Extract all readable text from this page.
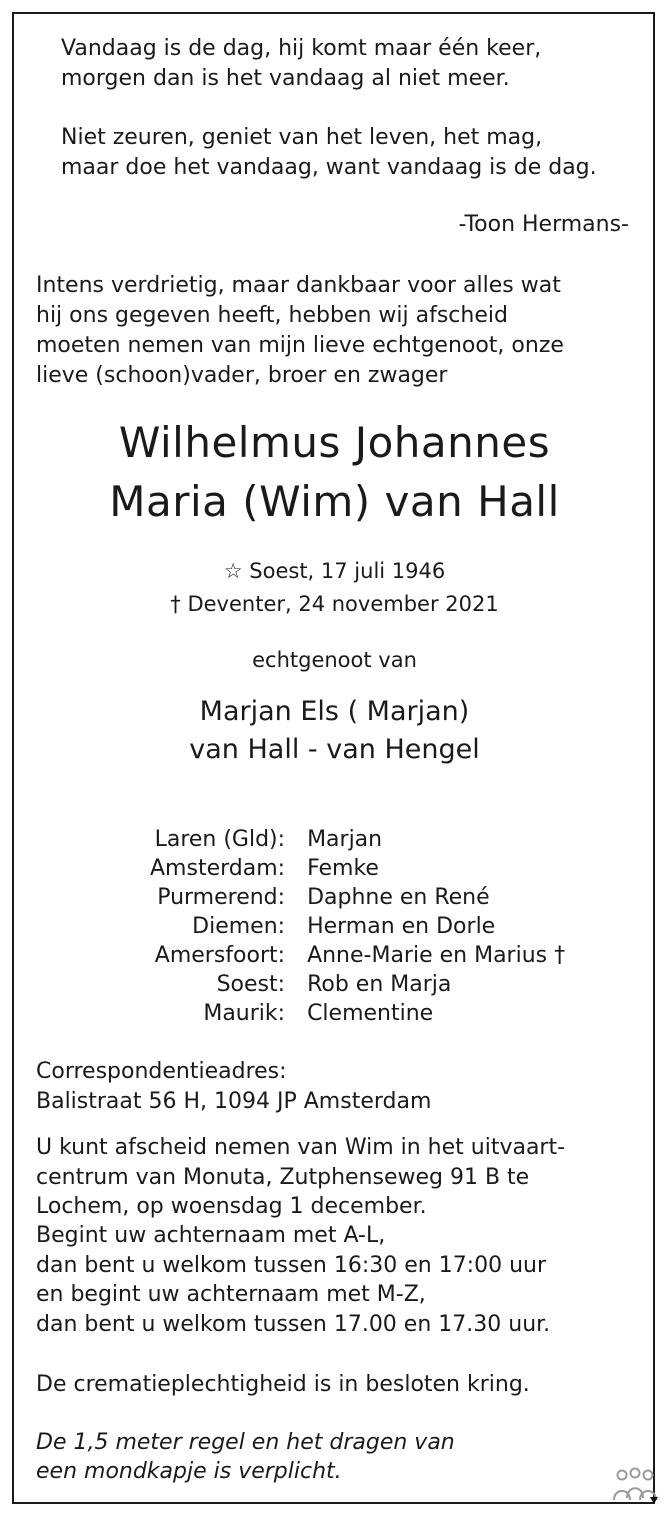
Vandaag is de dag, hij komt maar één keer,

morgen dan is het vandaag al niet meer.

Niet zeuren, geniet van het leven, het mag,

maar doe het vandaag, want vandaag is de dag.

-Toon Hermans-

Intens verdrietig, maar dankbaar voor alles wat

hij ons gegeven heeft, hebben wij afscheid

moeten nemen van mijn lieve echtgenoot, onze

lieve (schoon)vader, broer en zwager

Wilhelmus Johannes

Maria (Wim) van Hall

☆ Soest, 17 juli 1946

† Deventer, 24 november 2021

echtgenoot van

Marjan Els ( Marjan)

van Hall - van Hengel

Laren (Gld):	Marjan
Amsterdam:	Femke
Purmerend:	Daphne en René
Diemen:	Herman en Dorle
Amersfoort:	Anne-Marie en Marius †
Soest:	Rob en Marja
Maurik:	Clementine

Correspondentieadres:

Balistraat 56 H, 1094 JP Amsterdam

U kunt afscheid nemen van Wim in het uitvaart-

centrum van Monuta, Zutphenseweg 91 B te

Lochem, op woensdag 1 december.

Begint uw achternaam met A-L,

dan bent u welkom tussen 16:30 en 17:00 uur

en begint uw achternaam met M-Z,

dan bent u welkom tussen 17.00 en 17.30 uur.

De crematieplechtigheid is in besloten kring.

De 1,5 meter regel en het dragen van

een mondkapje is verplicht.
